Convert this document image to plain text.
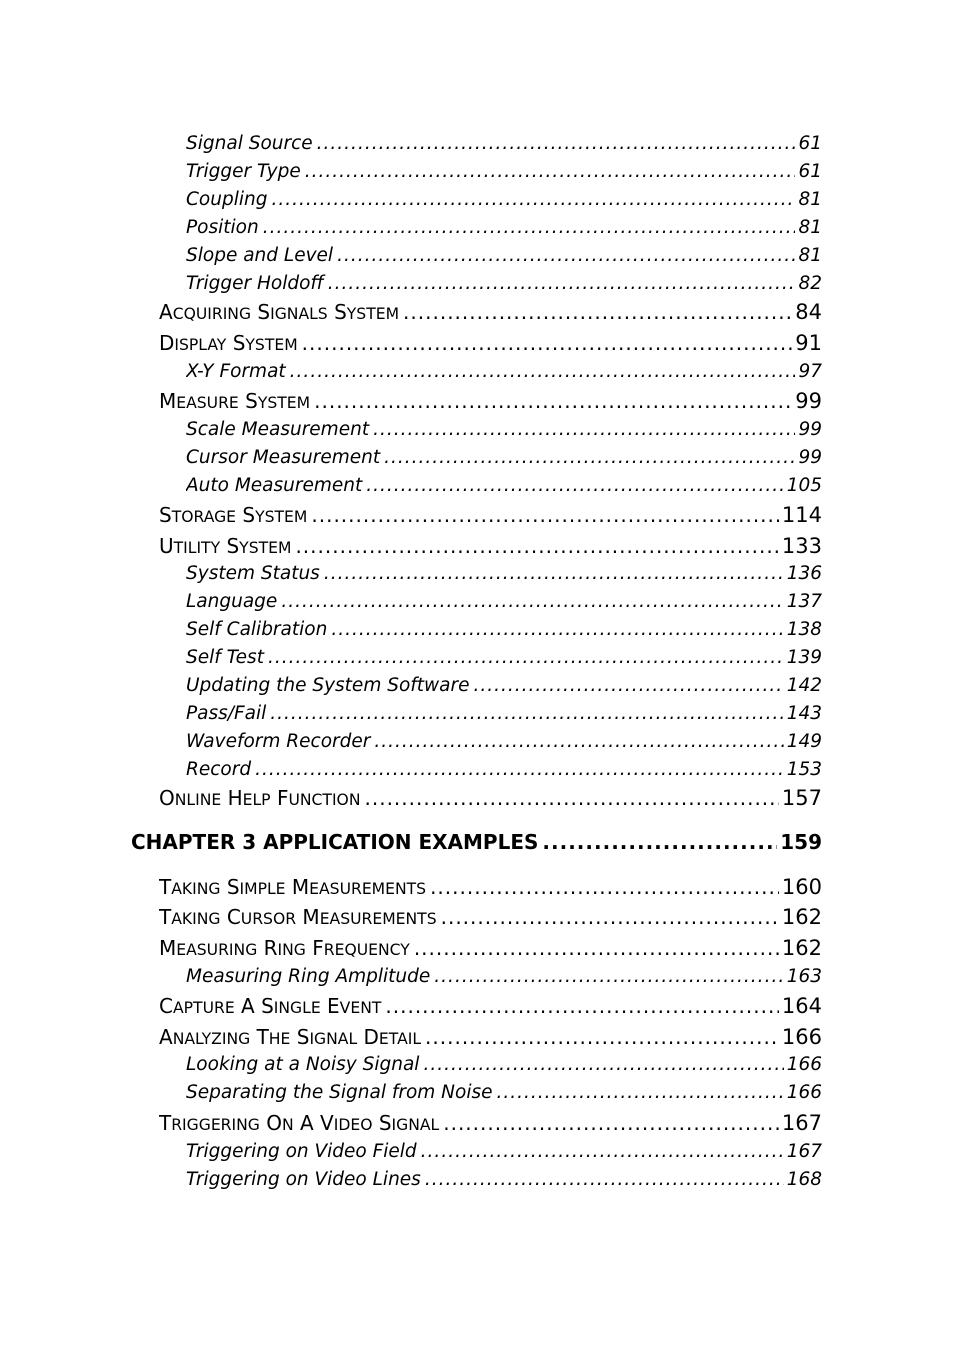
Signal Source .....	61
Trigger Type .....	61
Coupling .....	81
Position .....	81
Slope and Level .....	81
Trigger Holdoff .....	82
ACQUIRING SIGNALS SYSTEM .....	84
DISPLAY SYSTEM .....	91
X-Y Format .....	97
MEASURE SYSTEM .....	99
Scale Measurement .....	99
Cursor Measurement .....	99
Auto Measurement .....	105
STORAGE SYSTEM .....	114
UTILITY SYSTEM .....	133
System Status .....	136
Language .....	137
Self Calibration .....	138
Self Test .....	139
Updating the System Software .....	142
Pass/Fail .....	143
Waveform Recorder .....	149
Record .....	153
ONLINE HELP FUNCTION .....	157
CHAPTER 3 APPLICATION EXAMPLES .....	159
TAKING SIMPLE MEASUREMENTS .....	160
TAKING CURSOR MEASUREMENTS .....	162
MEASURING RING FREQUENCY .....	162
Measuring Ring Amplitude .....	163
CAPTURE A SINGLE EVENT .....	164
ANALYZING THE SIGNAL DETAIL .....	166
Looking at a Noisy Signal .....	166
Separating the Signal from Noise .....	166
TRIGGERING ON A VIDEO SIGNAL .....	167
Triggering on Video Field .....	167
Triggering on Video Lines .....	168
